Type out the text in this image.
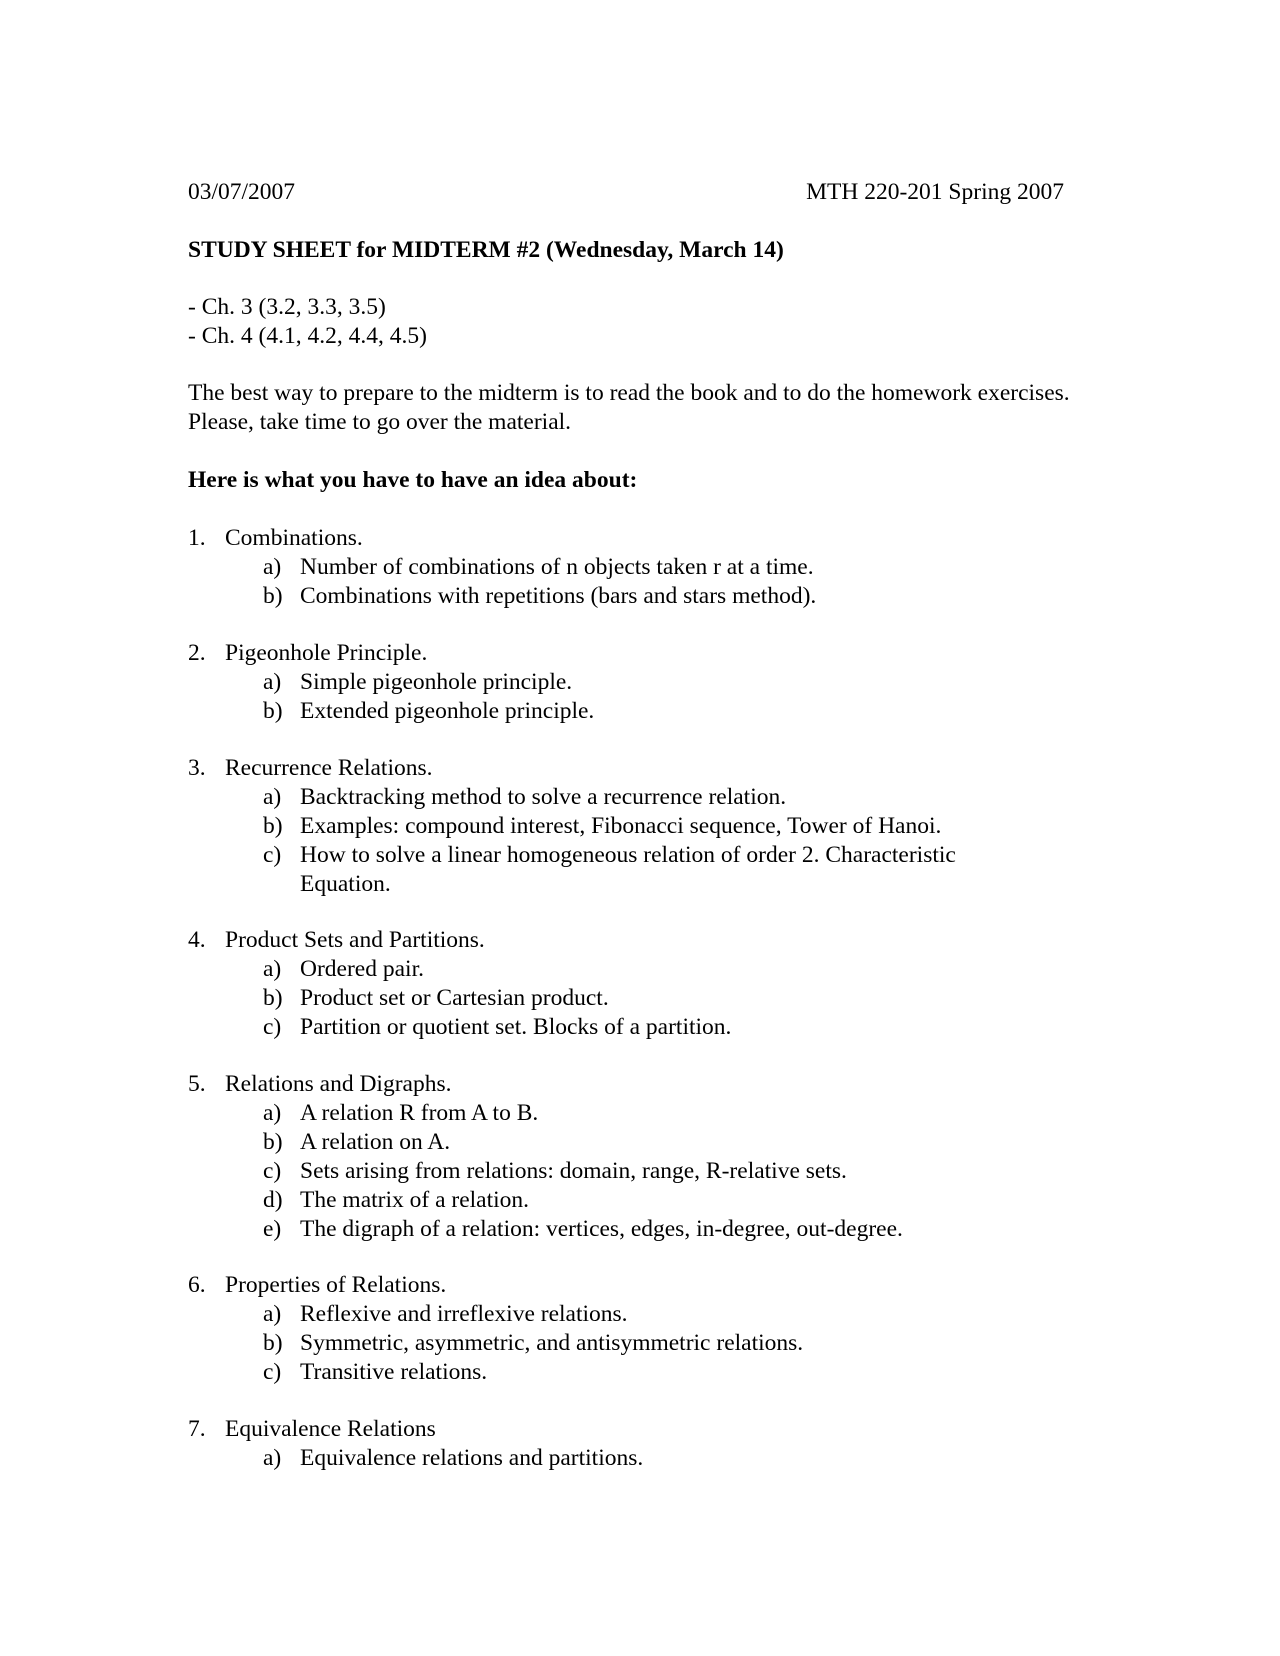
03/07/2007	MTH 220-201 Spring 2007
STUDY SHEET for MIDTERM #2 (Wednesday, March 14)
- Ch. 3 (3.2, 3.3, 3.5)
- Ch. 4 (4.1, 4.2, 4.4, 4.5)
The best way to prepare to the midterm is to read the book and to do the homework exercises. Please, take time to go over the material.
Here is what you have to have an idea about:
1. Combinations.
a) Number of combinations of n objects taken r at a time.
b) Combinations with repetitions (bars and stars method).
2. Pigeonhole Principle.
a) Simple pigeonhole principle.
b) Extended pigeonhole principle.
3. Recurrence Relations.
a) Backtracking method to solve a recurrence relation.
b) Examples: compound interest, Fibonacci sequence, Tower of Hanoi.
c) How to solve a linear homogeneous relation of order 2. Characteristic Equation.
4. Product Sets and Partitions.
a) Ordered pair.
b) Product set or Cartesian product.
c) Partition or quotient set. Blocks of a partition.
5. Relations and Digraphs.
a) A relation R from A to B.
b) A relation on A.
c) Sets arising from relations: domain, range, R-relative sets.
d) The matrix of a relation.
e) The digraph of a relation: vertices, edges, in-degree, out-degree.
6. Properties of Relations.
a) Reflexive and irreflexive relations.
b) Symmetric, asymmetric, and antisymmetric relations.
c) Transitive relations.
7. Equivalence Relations
a) Equivalence relations and partitions.
